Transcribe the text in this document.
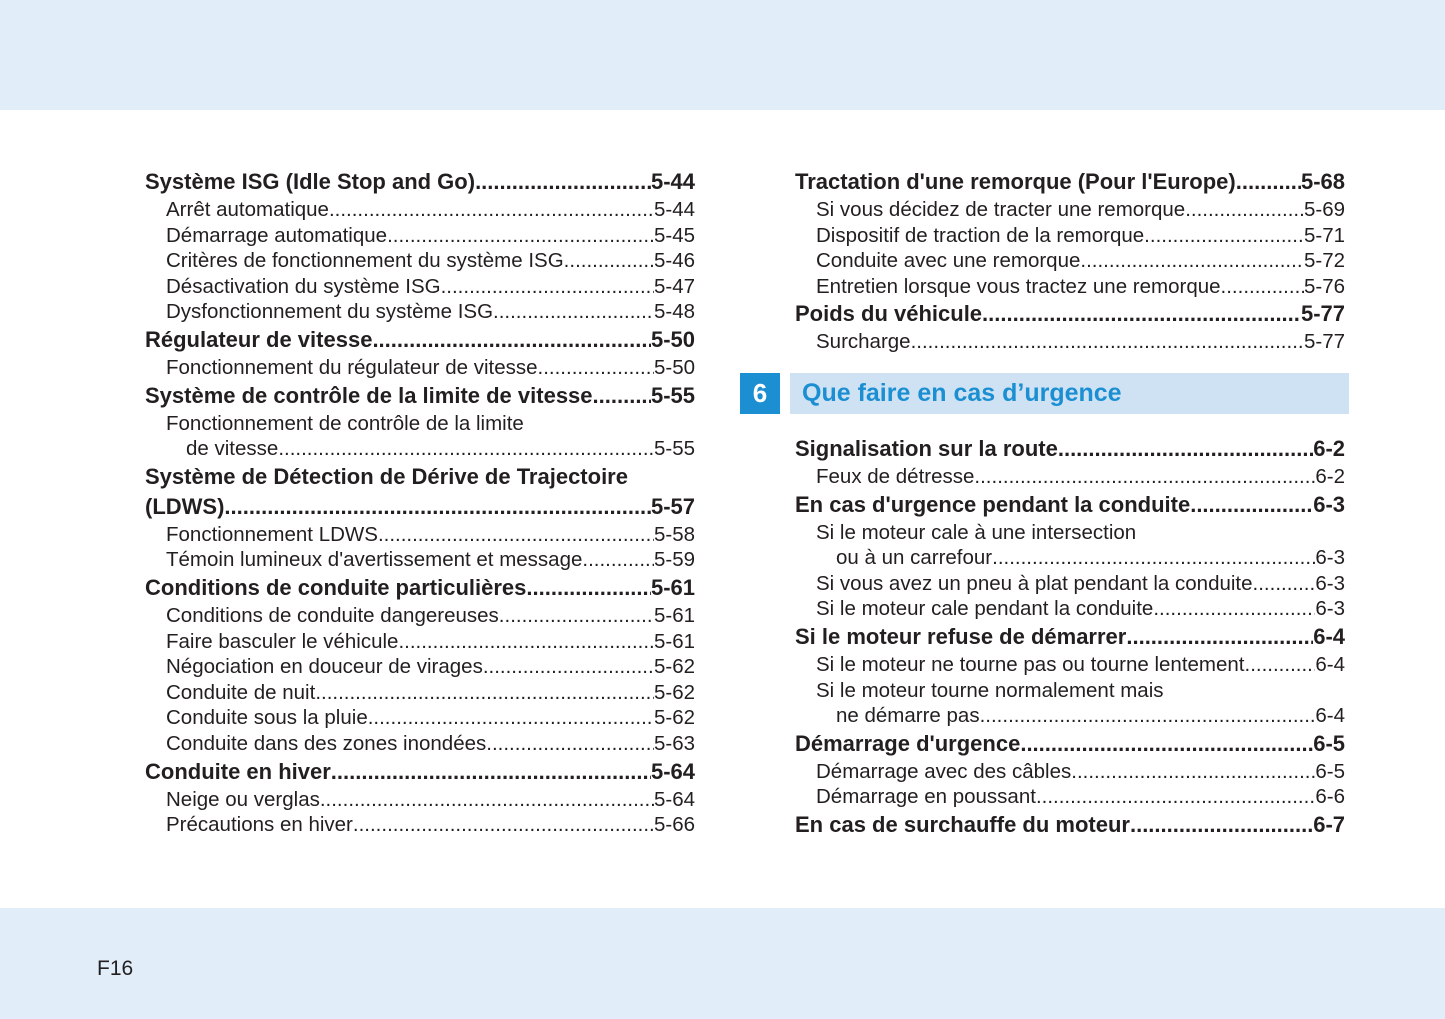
Système ISG (Idle Stop and Go) .....	5-44
Arrêt automatique .....	5-44
Démarrage automatique .....	5-45
Critères de fonctionnement du système ISG .....	5-46
Désactivation du système ISG .....	5-47
Dysfonctionnement du système ISG .....	5-48
Régulateur de vitesse .....	5-50
Fonctionnement du régulateur de vitesse .....	5-50
Système de contrôle de la limite de vitesse .....	5-55
Fonctionnement de contrôle de la limite
de vitesse .....	5-55
Système de Détection de Dérive de Trajectoire
(LDWS) .....	5-57
Fonctionnement LDWS .....	5-58
Témoin lumineux d'avertissement et message .....	5-59
Conditions de conduite particulières .....	5-61
Conditions de conduite dangereuses .....	5-61
Faire basculer le véhicule .....	5-61
Négociation en douceur de virages .....	5-62
Conduite de nuit .....	5-62
Conduite sous la pluie .....	5-62
Conduite dans des zones inondées .....	5-63
Conduite en hiver .....	5-64
Neige ou verglas .....	5-64
Précautions en hiver .....	5-66
Tractation d'une remorque (Pour l'Europe) .....	5-68
Si vous décidez de tracter une remorque .....	5-69
Dispositif de traction de la remorque .....	5-71
Conduite avec une remorque .....	5-72
Entretien lorsque vous tractez une remorque .....	5-76
Poids du véhicule .....	5-77
Surcharge .....	5-77
6	Que faire en cas d’urgence
Signalisation sur la route .....	6-2
Feux de détresse .....	6-2
En cas d'urgence pendant la conduite .....	6-3
Si le moteur cale à une intersection
ou à un carrefour .....	6-3
Si vous avez un pneu à plat pendant la conduite .....	6-3
Si le moteur cale pendant la conduite .....	6-3
Si le moteur refuse de démarrer .....	6-4
Si le moteur ne tourne pas ou tourne lentement .....	6-4
Si le moteur tourne normalement mais
ne démarre pas .....	6-4
Démarrage d'urgence .....	6-5
Démarrage avec des câbles .....	6-5
Démarrage en poussant .....	6-6
En cas de surchauffe du moteur .....	6-7
F16
